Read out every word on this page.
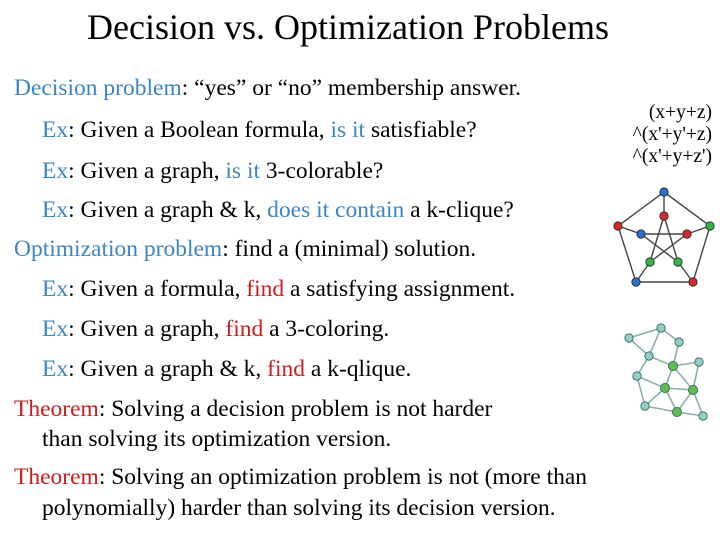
Decision vs. Optimization Problems
Decision problem: “yes” or “no” membership answer.
Ex: Given a Boolean formula, is it satisfiable?
Ex: Given a graph, is it 3-colorable?
Ex: Given a graph & k, does it contain a k-clique?
Optimization problem: find a (minimal) solution.
Ex: Given a formula, find a satisfying assignment.
Ex: Given a graph, find a 3-coloring.
Ex: Given a graph & k, find a k-qlique.
Theorem: Solving a decision problem is not harder
than solving its optimization version.
Theorem: Solving an optimization problem is not (more than
polynomially) harder than solving its decision version.
(x+y+z)
^(x'+y'+z)
^(x'+y+z')
